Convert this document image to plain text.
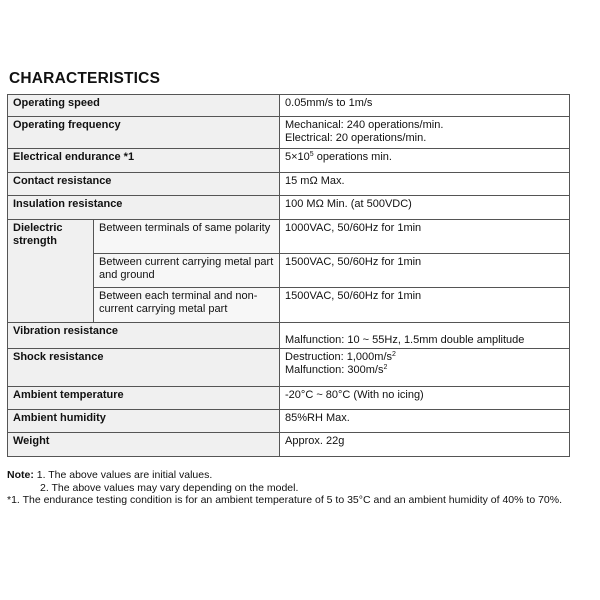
CHARACTERISTICS
Operating speed		0.05mm/s to 1m/s
Operating frequency		Mechanical: 240 operations/min.
Electrical: 20 operations/min.

Electrical endurance *1		$5\times 10^5$ operations min.
Contact resistance		15 mΩ Max.
Insulation resistance		100 MΩ Min. (at 500VDC)

Dielectric
strength	Between terminals of same polarity	1000VAC, 50/60Hz for 1min
	Between current carrying metal part and ground	1500VAC, 50/60Hz for 1min
	Between each terminal and non-current carrying metal part	1500VAC, 50/60Hz for 1min
Vibration resistance		Malfunction: 10 ~ 55Hz, 1.5mm double amplitude
Shock resistance		Destruction: $1,000m/s^2$
Malfunction: $300m/s^2$

Ambient temperature		-20°C ~ 80°C (With no icing)
Ambient humidity		85%RH Max.
Weight		Approx. 22g
Note: 1. The above values are initial values.
2. The above values may vary depending on the model.
*1. The endurance testing condition is for an ambient temperature of 5 to 35°C and an ambient humidity of 40% to 70%.
